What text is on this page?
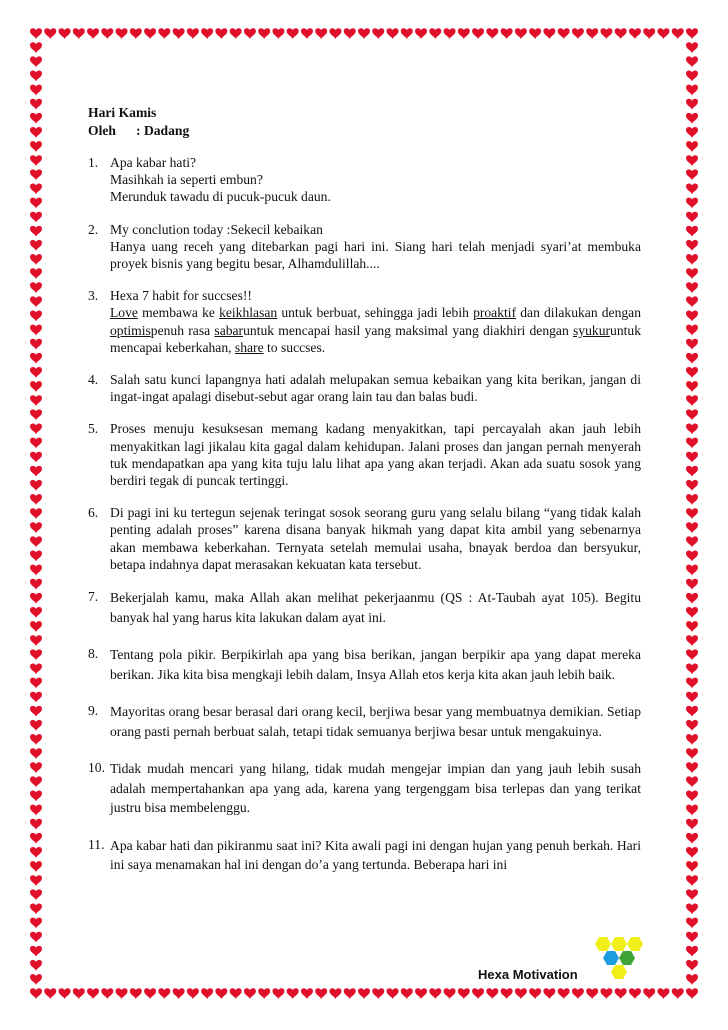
Hari Kamis
Oleh : Dadang
1. Apa kabar hati?
Masihkah ia seperti embun?
Merunduk tawadu di pucuk-pucuk daun.
2. My conclution today :Sekecil kebaikan
Hanya uang receh yang ditebarkan pagi hari ini. Siang hari telah menjadi syari’at membuka proyek bisnis yang begitu besar, Alhamdulillah....
3. Hexa 7 habit for succses!!
Love membawa ke keikhlasan untuk berbuat, sehingga jadi lebih proaktif dan dilakukan dengan optimispenuh rasa sabaruntuk mencapai hasil yang maksimal yang diakhiri dengan syukuruntuk mencapai keberkahan, share to succses.
4. Salah satu kunci lapangnya hati adalah melupakan semua kebaikan yang kita berikan, jangan di ingat-ingat apalagi disebut-sebut agar orang lain tau dan balas budi.
5. Proses menuju kesuksesan memang kadang menyakitkan, tapi percayalah akan jauh lebih menyakitkan lagi jikalau kita gagal dalam kehidupan. Jalani proses dan jangan pernah menyerah tuk mendapatkan apa yang kita tuju lalu lihat apa yang akan terjadi. Akan ada suatu sosok yang berdiri tegak di puncak tertinggi.
6. Di pagi ini ku tertegun sejenak teringat sosok seorang guru yang selalu bilang “yang tidak kalah penting adalah proses” karena disana banyak hikmah yang dapat kita ambil yang sebenarnya akan membawa keberkahan. Ternyata setelah memulai usaha, bnayak berdoa dan bersyukur, betapa indahnya dapat merasakan kekuatan kata tersebut.
7. Bekerjalah kamu, maka Allah akan melihat pekerjaanmu (QS : At-Taubah ayat 105). Begitu banyak hal yang harus kita lakukan dalam ayat ini.
8. Tentang pola pikir. Berpikirlah apa yang bisa berikan, jangan berpikir apa yang dapat mereka berikan. Jika kita bisa mengkaji lebih dalam, Insya Allah etos kerja kita akan jauh lebih baik.
9. Mayoritas orang besar berasal dari orang kecil, berjiwa besar yang membuatnya demikian. Setiap orang pasti pernah berbuat salah, tetapi tidak semuanya berjiwa besar untuk mengakuinya.
10. Tidak mudah mencari yang hilang, tidak mudah mengejar impian dan yang jauh lebih susah adalah mempertahankan apa yang ada, karena yang tergenggam bisa terlepas dan yang terikat justru bisa membelenggu.
11. Apa kabar hati dan pikiranmu saat ini? Kita awali pagi ini dengan hujan yang penuh berkah. Hari ini saya menamakan hal ini dengan do’a yang tertunda. Beberapa hari ini
Hexa Motivation
